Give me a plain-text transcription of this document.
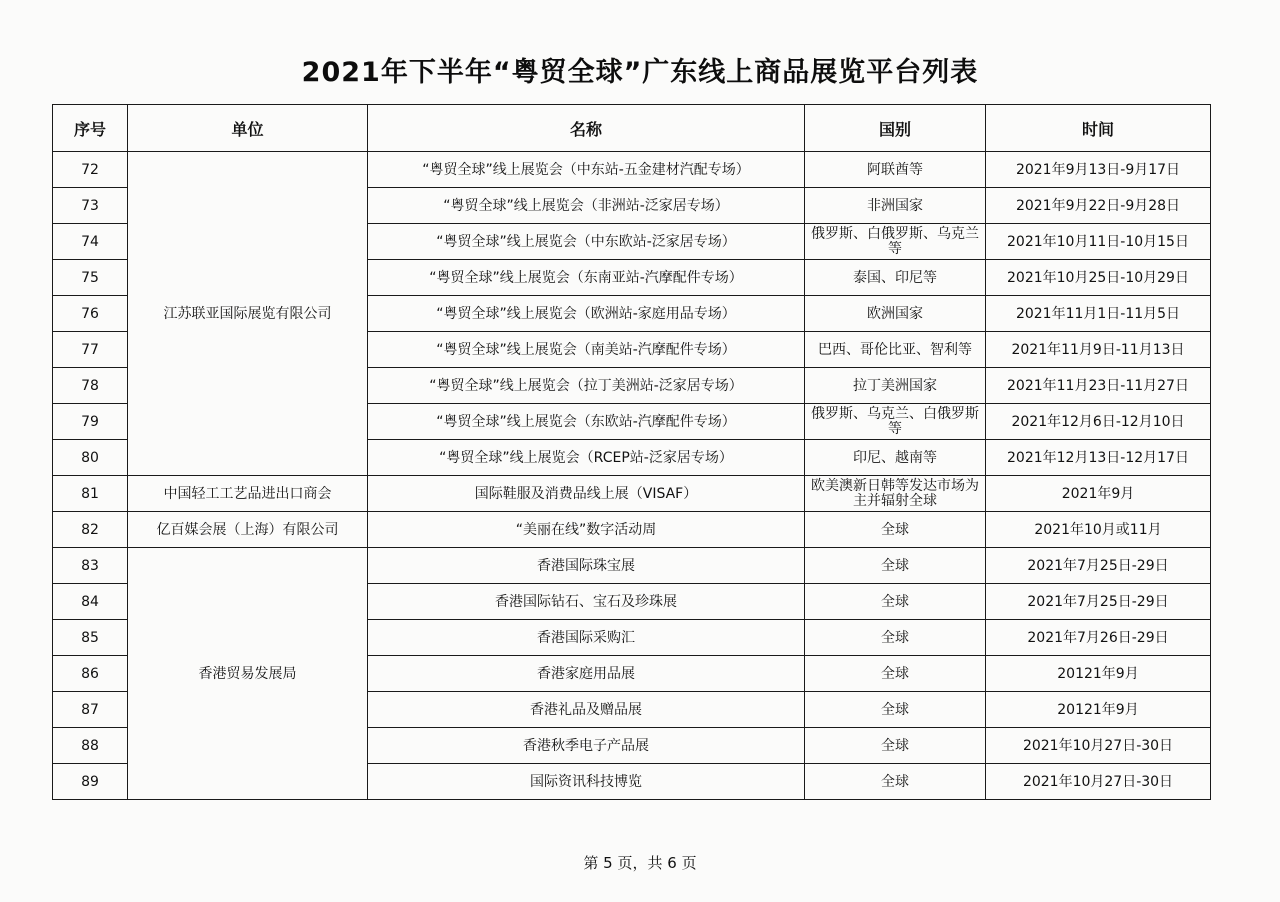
2021年下半年“粤贸全球”广东线上商品展览平台列表
序号	单位	名称	国别	时间
72	江苏联亚国际展览有限公司	“粤贸全球”线上展览会（中东站-五金建材汽配专场）	阿联酋等	2021年9月13日-9月17日
73		“粤贸全球”线上展览会（非洲站-泛家居专场）	非洲国家	2021年9月22日-9月28日
74		“粤贸全球”线上展览会（中东欧站-泛家居专场）	俄罗斯、白俄罗斯、乌克兰等	2021年10月11日-10月15日
75		“粤贸全球”线上展览会（东南亚站-汽摩配件专场）	泰国、印尼等	2021年10月25日-10月29日
76		“粤贸全球”线上展览会（欧洲站-家庭用品专场）	欧洲国家	2021年11月1日-11月5日
77		“粤贸全球”线上展览会（南美站-汽摩配件专场）	巴西、哥伦比亚、智利等	2021年11月9日-11月13日
78		“粤贸全球”线上展览会（拉丁美洲站-泛家居专场）	拉丁美洲国家	2021年11月23日-11月27日
79		“粤贸全球”线上展览会（东欧站-汽摩配件专场）	俄罗斯、乌克兰、白俄罗斯等	2021年12月6日-12月10日
80		“粤贸全球”线上展览会（RCEP站-泛家居专场）	印尼、越南等	2021年12月13日-12月17日
81	中国轻工工艺品进出口商会	国际鞋服及消费品线上展（VISAF）	欧美澳新日韩等发达市场为主并辐射全球	2021年9月
82	亿百媒会展（上海）有限公司	“美丽在线”数字活动周	全球	2021年10月或11月
83	香港贸易发展局	香港国际珠宝展	全球	2021年7月25日-29日
84		香港国际钻石、宝石及珍珠展	全球	2021年7月25日-29日
85		香港国际采购汇	全球	2021年7月26日-29日
86		香港家庭用品展	全球	20121年9月
87		香港礼品及赠品展	全球	20121年9月
88		香港秋季电子产品展	全球	2021年10月27日-30日
89		国际资讯科技博览	全球	2021年10月27日-30日
第 5 页，共 6 页
